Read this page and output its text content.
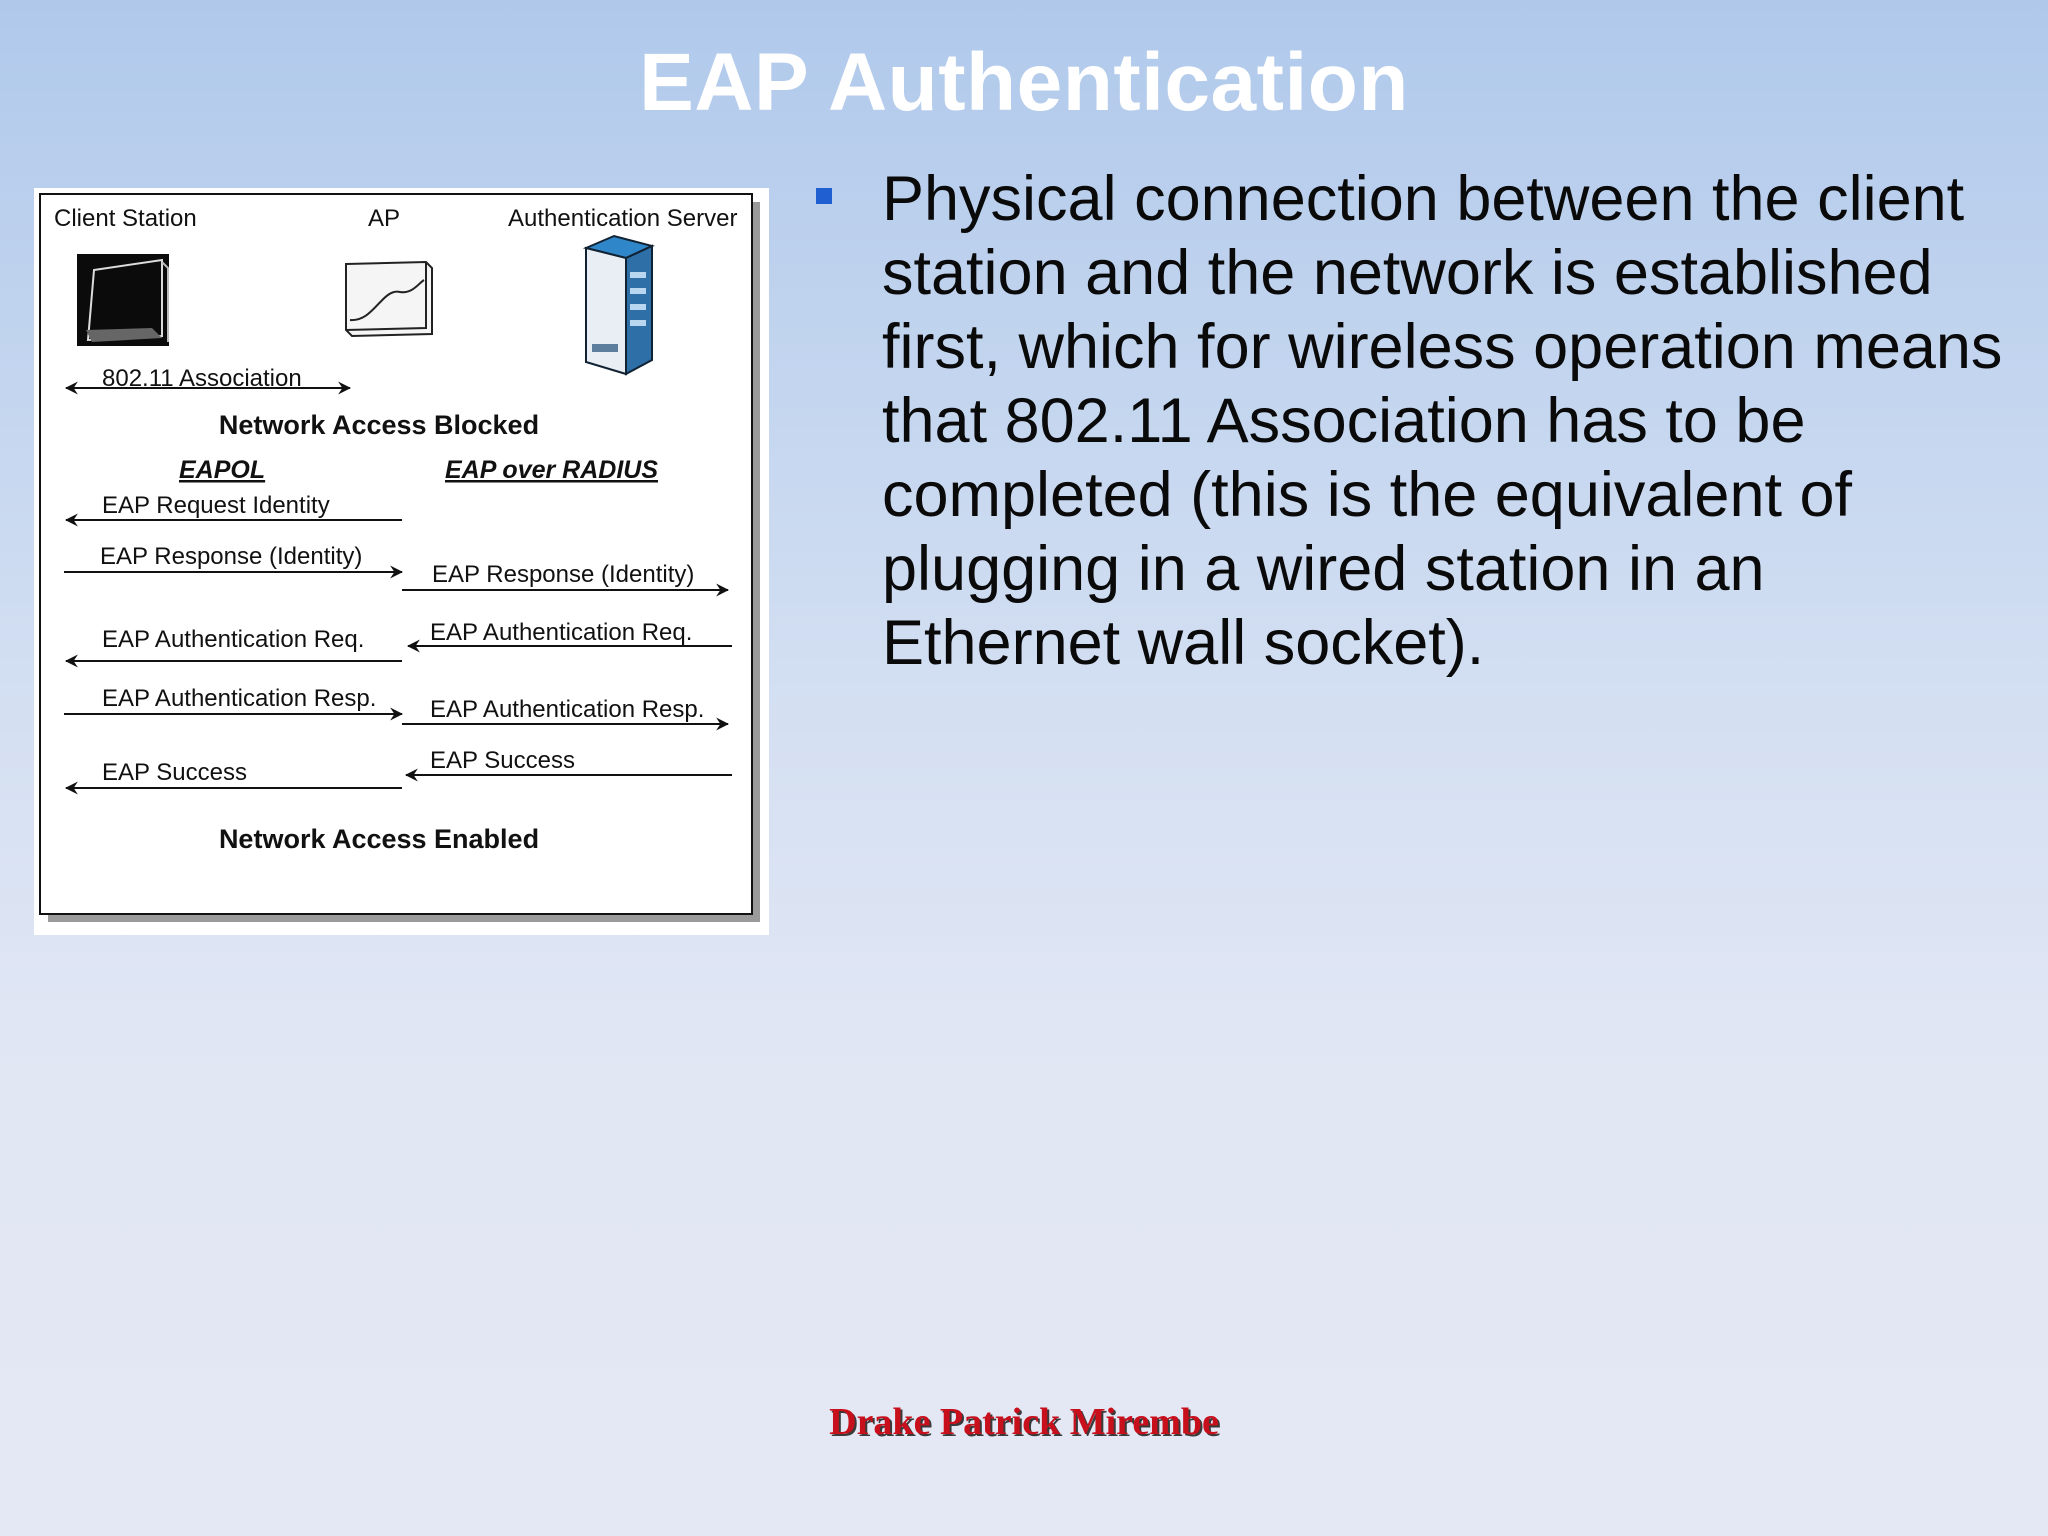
EAP Authentication
Client Station	AP	Authentication Server
802.11 Association
Network Access Blocked
EAPOL	EAP over RADIUS
EAP Request Identity
EAP Response (Identity)
EAP Response (Identity)
EAP Authentication Req.
EAP Authentication Req.
EAP Authentication Resp. EAP Authentication Resp.
EAP Success
EAP Success
Network Access Enabled
Physical connection between the client station and the network is established first, which for wireless operation means that 802.11 Association has to be completed (this is the equivalent of plugging in a wired station in an Ethernet wall socket).
Drake Patrick Mirembe
